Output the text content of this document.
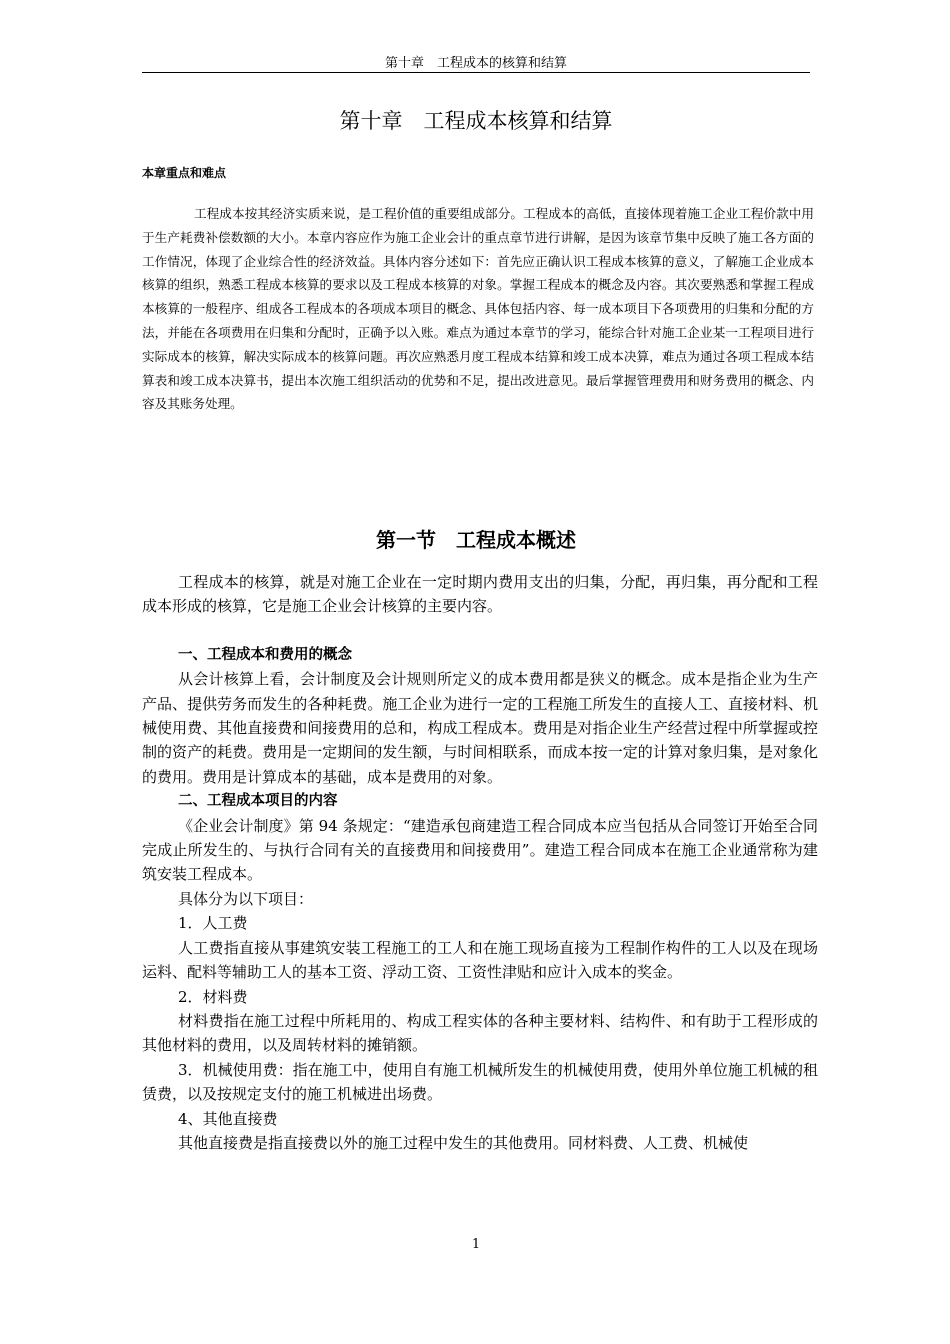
第十章　工程成本的核算和结算
第十章　工程成本核算和结算
本章重点和难点

工程成本按其经济实质来说，是工程价值的重要组成部分。工程成本的高低，直接体现着施工企业工程价款中用于生产耗费补偿数额的大小。本章内容应作为施工企业会计的重点章节进行讲解，是因为该章节集中反映了施工各方面的工作情况，体现了企业综合性的经济效益。具体内容分述如下：首先应正确认识工程成本核算的意义，了解施工企业成本核算的组织，熟悉工程成本核算的要求以及工程成本核算的对象。掌握工程成本的概念及内容。其次要熟悉和掌握工程成本核算的一般程序、组成各工程成本的各项成本项目的概念、具体包括内容、每一成本项目下各项费用的归集和分配的方法，并能在各项费用在归集和分配时，正确予以入账。难点为通过本章节的学习，能综合针对施工企业某一工程项目进行实际成本的核算，解决实际成本的核算问题。再次应熟悉月度工程成本结算和竣工成本决算，难点为通过各项工程成本结算表和竣工成本决算书，提出本次施工组织活动的优势和不足，提出改进意见。最后掌握管理费用和财务费用的概念、内容及其账务处理。

第一节　工程成本概述

工程成本的核算，就是对施工企业在一定时期内费用支出的归集，分配，再归集，再分配和工程成本形成的核算，它是施工企业会计核算的主要内容。

一、工程成本和费用的概念

从会计核算上看，会计制度及会计规则所定义的成本费用都是狭义的概念。成本是指企业为生产产品、提供劳务而发生的各种耗费。施工企业为进行一定的工程施工所发生的直接人工、直接材料、机械使用费、其他直接费和间接费用的总和，构成工程成本。费用是对指企业生产经营过程中所掌握或控制的资产的耗费。费用是一定期间的发生额，与时间相联系，而成本按一定的计算对象归集，是对象化的费用。费用是计算成本的基础，成本是费用的对象。

二、工程成本项目的内容

《企业会计制度》第 94 条规定：“建造承包商建造工程合同成本应当包括从合同签订开始至合同完成止所发生的、与执行合同有关的直接费用和间接费用”。建造工程合同成本在施工企业通常称为建筑安装工程成本。

具体分为以下项目：

1．人工费

人工费指直接从事建筑安装工程施工的工人和在施工现场直接为工程制作构件的工人以及在现场运料、配料等辅助工人的基本工资、浮动工资、工资性津贴和应计入成本的奖金。

2．材料费

材料费指在施工过程中所耗用的、构成工程实体的各种主要材料、结构件、和有助于工程形成的其他材料的费用，以及周转材料的摊销额。

3．机械使用费：指在施工中，使用自有施工机械所发生的机械使用费，使用外单位施工机械的租赁费，以及按规定支付的施工机械进出场费。

4、其他直接费

其他直接费是指直接费以外的施工过程中发生的其他费用。同材料费、人工费、机械使

1
